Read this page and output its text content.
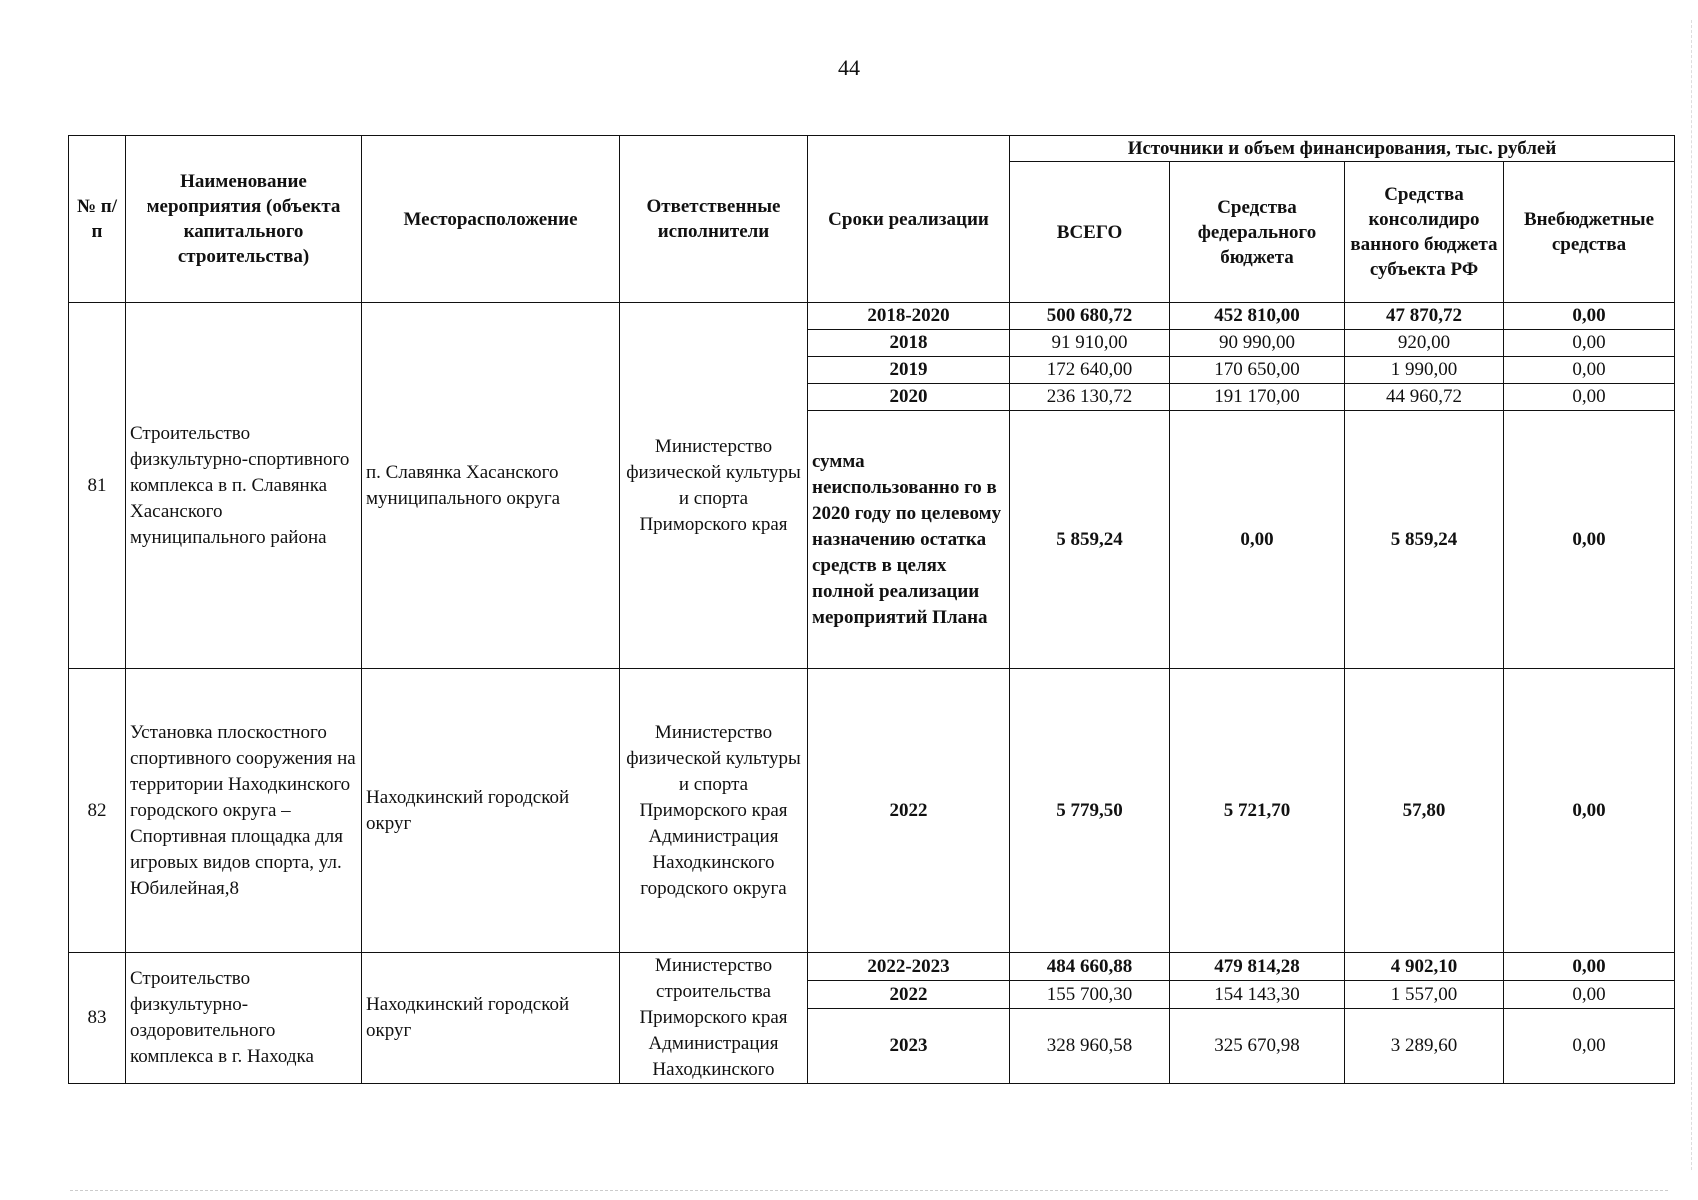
44
№ п/п	Наименование мероприятия (объекта капитального строительства)	Месторасположение	Ответственные исполнители	Сроки реализации	Источники и объем финансирования, тыс. рублей			
					ВСЕГО	Средства федерального бюджета	Средства консолидиро ванного бюджета субъекта РФ	Внебюджетные средства
81	Строительство физкультурно-спортивного комплекса в п. Славянка Хасанского муниципального района	п. Славянка Хасанского муниципального округа	Министерство физической культуры и спорта Приморского края	2018-2020	500 680,72	452 810,00	47 870,72	0,00
				2018	91 910,00	90 990,00	920,00	0,00
				2019	172 640,00	170 650,00	1 990,00	0,00
				2020	236 130,72	191 170,00	44 960,72	0,00
				сумма неиспользованно го в 2020 году по целевому назначению остатка средств в целях полной реализации мероприятий Плана	5 859,24	0,00	5 859,24	0,00
82	Установка плоскостного спортивного сооружения на территории Находкинского городского округа – Спортивная площадка для игровых видов спорта, ул. Юбилейная,8	Находкинский городской округ	Министерство физической культуры и спорта Приморского края Администрация Находкинского городского округа	2022	5 779,50	5 721,70	57,80	0,00
83	Строительство физкультурно-оздоровительного комплекса в г. Находка	Находкинский городской округ	Министерство строительства Приморского края Администрация Находкинского	2022-2023	484 660,88	479 814,28	4 902,10	0,00
				2022	155 700,30	154 143,30	1 557,00	0,00
				2023	328 960,58	325 670,98	3 289,60	0,00
